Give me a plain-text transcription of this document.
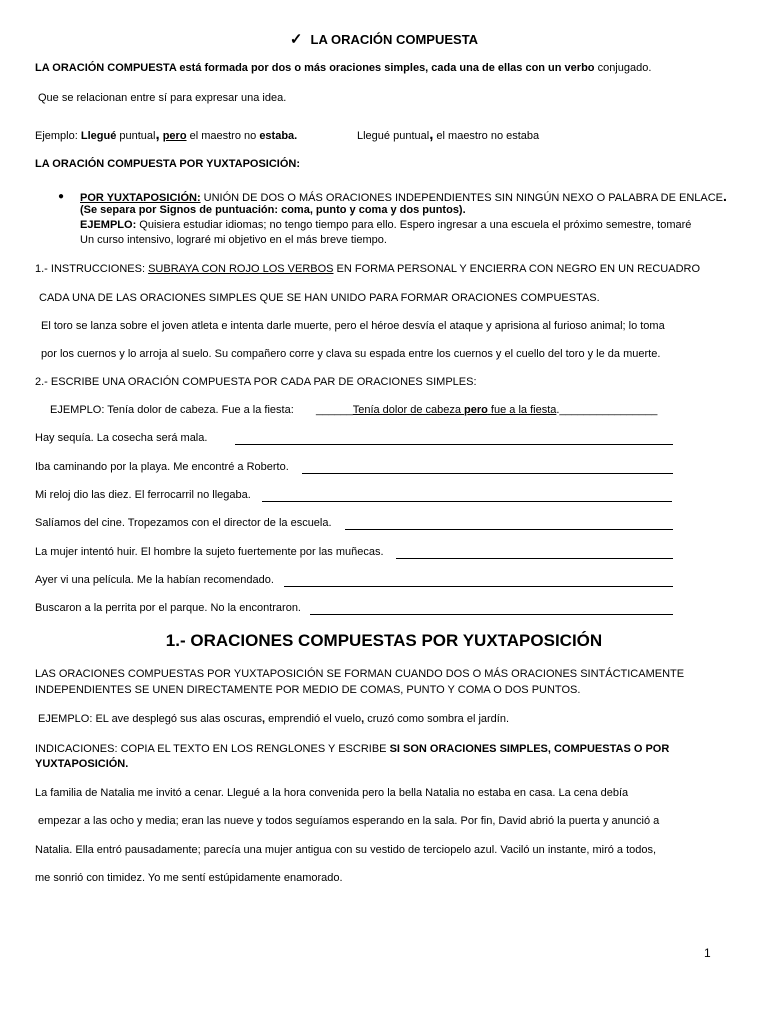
✓ LA ORACIÓN COMPUESTA
LA ORACIÓN COMPUESTA está formada por dos o más oraciones simples, cada una de ellas con un verbo conjugado.
Que se relacionan entre sí para expresar una idea.
Ejemplo: Llegué puntual, pero el maestro no estaba.	Llegué puntual, el maestro no estaba
LA ORACIÓN COMPUESTA POR YUXTAPOSICIÓN:
● POR YUXTAPOSICIÓN: UNIÓN DE DOS O MÁS ORACIONES INDEPENDIENTES SIN NINGÚN NEXO O PALABRA DE ENLACE.
(Se separa por Signos de puntuación: coma, punto y coma y dos puntos).
EJEMPLO: Quisiera estudiar idiomas; no tengo tiempo para ello. Espero ingresar a una escuela el próximo semestre, tomaré
Un curso intensivo, lograré mi objetivo en el más breve tiempo.
1.- INSTRUCCIONES: SUBRAYA CON ROJO LOS VERBOS EN FORMA PERSONAL Y ENCIERRA CON NEGRO EN UN RECUADRO
CADA UNA DE LAS ORACIONES SIMPLES QUE SE HAN UNIDO PARA FORMAR ORACIONES COMPUESTAS.
El toro se lanza sobre el joven atleta e intenta darle muerte, pero el héroe desvía el ataque y aprisiona al furioso animal; lo toma
por los cuernos y lo arroja al suelo. Su compañero corre y clava su espada entre los cuernos y el cuello del toro y le da muerte.
2.- ESCRIBE UNA ORACIÓN COMPUESTA POR CADA PAR DE ORACIONES SIMPLES:
EJEMPLO: Tenía dolor de cabeza. Fue a la fiesta: ______Tenía dolor de cabeza pero fue a la fiesta.________________
Hay sequía. La cosecha será mala.
Iba caminando por la playa. Me encontré a Roberto.
Mi reloj dio las diez. El ferrocarril no llegaba.
Salíamos del cine. Tropezamos con el director de la escuela.
La mujer intentó huir. El hombre la sujeto fuertemente por las muñecas.
Ayer vi una película. Me la habían recomendado.
Buscaron a la perrita por el parque. No la encontraron.
1.- ORACIONES COMPUESTAS POR YUXTAPOSICIÓN
LAS ORACIONES COMPUESTAS POR YUXTAPOSICIÓN SE FORMAN CUANDO DOS O MÁS ORACIONES SINTÁCTICAMENTE
INDEPENDIENTES SE UNEN DIRECTAMENTE POR MEDIO DE COMAS, PUNTO Y COMA O DOS PUNTOS.
EJEMPLO: EL ave desplegó sus alas oscuras, emprendió el vuelo, cruzó como sombra el jardín.
INDICACIONES: COPIA EL TEXTO EN LOS RENGLONES Y ESCRIBE SI SON ORACIONES SIMPLES, COMPUESTAS O POR
YUXTAPOSICIÓN.
La familia de Natalia me invitó a cenar. Llegué a la hora convenida pero la bella Natalia no estaba en casa. La cena debía
empezar a las ocho y media; eran las nueve y todos seguíamos esperando en la sala. Por fin, David abrió la puerta y anunció a
Natalia. Ella entró pausadamente; parecía una mujer antigua con su vestido de terciopelo azul. Vaciló un instante, miró a todos,
me sonrió con timidez. Yo me sentí estúpidamente enamorado.
1
